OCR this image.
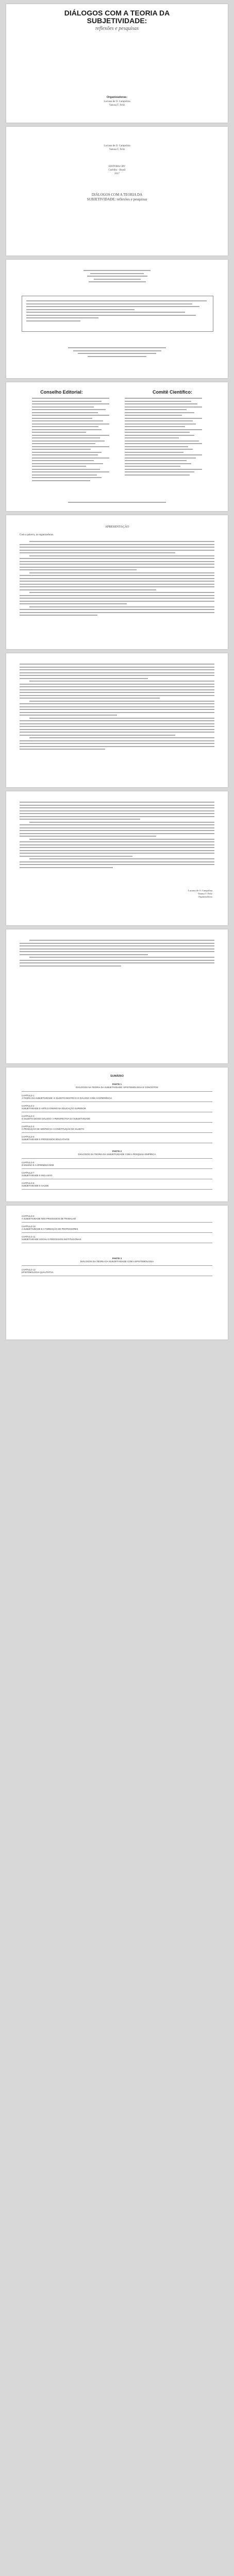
DIÁLOGOS COM A TEORIA DA
SUBJETIVIDADE:
reflexões e pesquisas
Organizadoras:
Luciana de O. Campolina
Vanusa T. Feliz
Luciana de O. Campolina
Vanusa T. Feliz
EDITORA CRV
Curitiba – Brasil
2017
DIÁLOGOS COM A TEORIA DA
SUBJETIVIDADE: reflexões e pesquisas
Conselho Editorial:	Comitê Científico:
APRESENTAÇÃO
Com a palavra, as organizadoras.
Luciana de O. Campolina
Vanusa T. Feliz
Organizadoras
SUMÁRIO
PARTE 1
DIÁLOGOS NA TEORIA DA SUBJETIVIDADE: EPISTEMOLOGIA E CONCEITOS
CAPÍTULO 1
A TEORIA DA SUBJETIVIDADE: O SUJEITO DENTRO E O DIÁLOGO COM A EXPERIÊNCIA
CAPÍTULO 2
SUBJETIVIDADE E ARTE E ENSINO NA EDUCAÇÃO SUPERIOR
CAPÍTULO 3
O SUJEITO DESSE DIÁLOGO: A PERSPECTIVA DA SUBJETIVIDADE
CAPÍTULO 4
A PRODUÇÃO DE SENTIDO E A CONSTITUIÇÃO DO SUJEITO
CAPÍTULO 5
SUBJETIVIDADE E PROCESSOS EDUCATIVOS
PARTE 2
DIÁLOGOS DA TEORIA DA SUBJETIVIDADE COM A PESQUISA EMPÍRICA
CAPÍTULO 6
O ENSINO E A APRENDIZAGEM
CAPÍTULO 7
SUBJETIVIDADE E INCLUSÃO
CAPÍTULO 8
SUBJETIVIDADE E SAÚDE
CAPÍTULO 9
A SUBJETIVIDADE NOS PROCESSOS DE TRABALHO
CAPÍTULO 10
A SUBJETIVIDADE E A FORMAÇÃO DE PROFESSORES
CAPÍTULO 11
SUBJETIVIDADE SOCIAL E PROCESSOS INSTITUCIONAIS
PARTE 3
DIÁLOGOS DA TEORIA DA SUBJETIVIDADE COM A EPISTEMOLOGIA
CAPÍTULO 12
EPISTEMOLOGIA QUALITATIVA
